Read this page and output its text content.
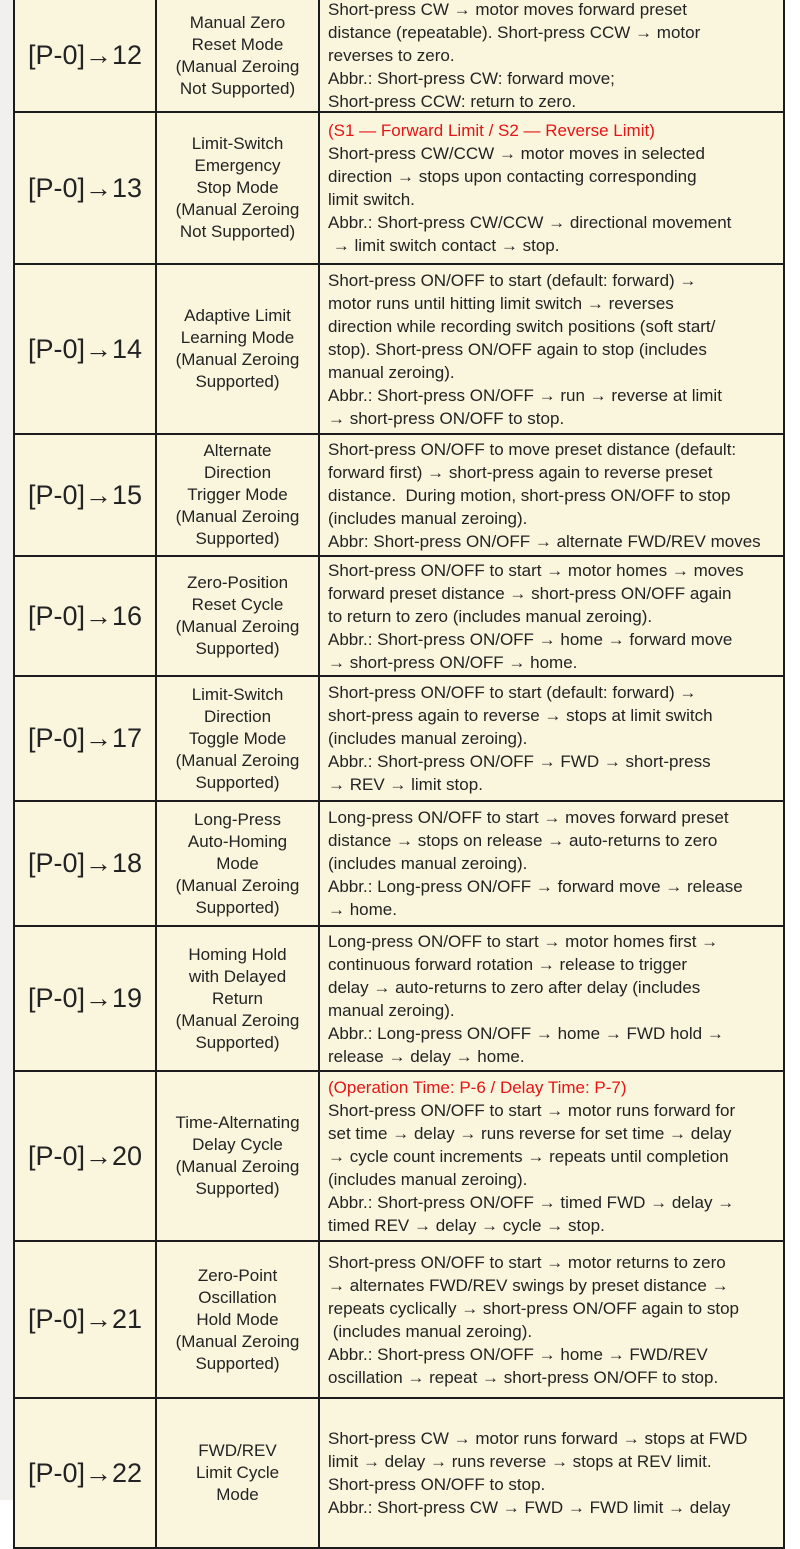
[P-0]→12
Manual Zero
Reset Mode
(Manual Zeroing
Not Supported)
Short-press CW → motor moves forward preset
distance (repeatable). Short-press CCW → motor
reverses to zero.
Abbr.: Short-press CW: forward move;
Short-press CCW: return to zero.
[P-0]→13
Limit-Switch
Emergency
Stop Mode
(Manual Zeroing
Not Supported)
(S1 — Forward Limit / S2 — Reverse Limit)
Short-press CW/CCW → motor moves in selected
direction → stops upon contacting corresponding
limit switch.
Abbr.: Short-press CW/CCW → directional movement
→ limit switch contact → stop.
[P-0]→14
Adaptive Limit
Learning Mode
(Manual Zeroing
Supported)
Short-press ON/OFF to start (default: forward) →
motor runs until hitting limit switch → reverses
direction while recording switch positions (soft start/
stop). Short-press ON/OFF again to stop (includes
manual zeroing).
Abbr.: Short-press ON/OFF → run → reverse at limit
→ short-press ON/OFF to stop.
[P-0]→15
Alternate
Direction
Trigger Mode
(Manual Zeroing
Supported)
Short-press ON/OFF to move preset distance (default:
forward first) → short-press again to reverse preset
distance.  During motion, short-press ON/OFF to stop
(includes manual zeroing).
Abbr: Short-press ON/OFF → alternate FWD/REV moves
[P-0]→16
Zero-Position
Reset Cycle
(Manual Zeroing
Supported)
Short-press ON/OFF to start → motor homes → moves
forward preset distance → short-press ON/OFF again
to return to zero (includes manual zeroing).
Abbr.: Short-press ON/OFF → home → forward move
→ short-press ON/OFF → home.
[P-0]→17
Limit-Switch
Direction
Toggle Mode
(Manual Zeroing
Supported)
Short-press ON/OFF to start (default: forward) →
short-press again to reverse → stops at limit switch
(includes manual zeroing).
Abbr.: Short-press ON/OFF → FWD → short-press
→ REV → limit stop.
[P-0]→18
Long-Press
Auto-Homing
Mode
(Manual Zeroing
Supported)
Long-press ON/OFF to start → moves forward preset
distance → stops on release → auto-returns to zero
(includes manual zeroing).
Abbr.: Long-press ON/OFF → forward move → release
→ home.
[P-0]→19
Homing Hold
with Delayed
Return
(Manual Zeroing
Supported)
Long-press ON/OFF to start → motor homes first →
continuous forward rotation → release to trigger
delay → auto-returns to zero after delay (includes
manual zeroing).
Abbr.: Long-press ON/OFF → home → FWD hold →
release → delay → home.
[P-0]→20
Time-Alternating
Delay Cycle
(Manual Zeroing
Supported)
(Operation Time: P-6 / Delay Time: P-7)
Short-press ON/OFF to start → motor runs forward for
set time → delay → runs reverse for set time → delay
→ cycle count increments → repeats until completion
(includes manual zeroing).
Abbr.: Short-press ON/OFF → timed FWD → delay →
timed REV → delay → cycle → stop.
[P-0]→21
Zero-Point
Oscillation
Hold Mode
(Manual Zeroing
Supported)
Short-press ON/OFF to start → motor returns to zero
→ alternates FWD/REV swings by preset distance →
repeats cyclically → short-press ON/OFF again to stop
(includes manual zeroing).
Abbr.: Short-press ON/OFF → home → FWD/REV
oscillation → repeat → short-press ON/OFF to stop.
[P-0]→22
FWD/REV
Limit Cycle
Mode
Short-press CW → motor runs forward → stops at FWD
limit → delay → runs reverse → stops at REV limit.
Short-press ON/OFF to stop.
Abbr.: Short-press CW → FWD → FWD limit → delay
